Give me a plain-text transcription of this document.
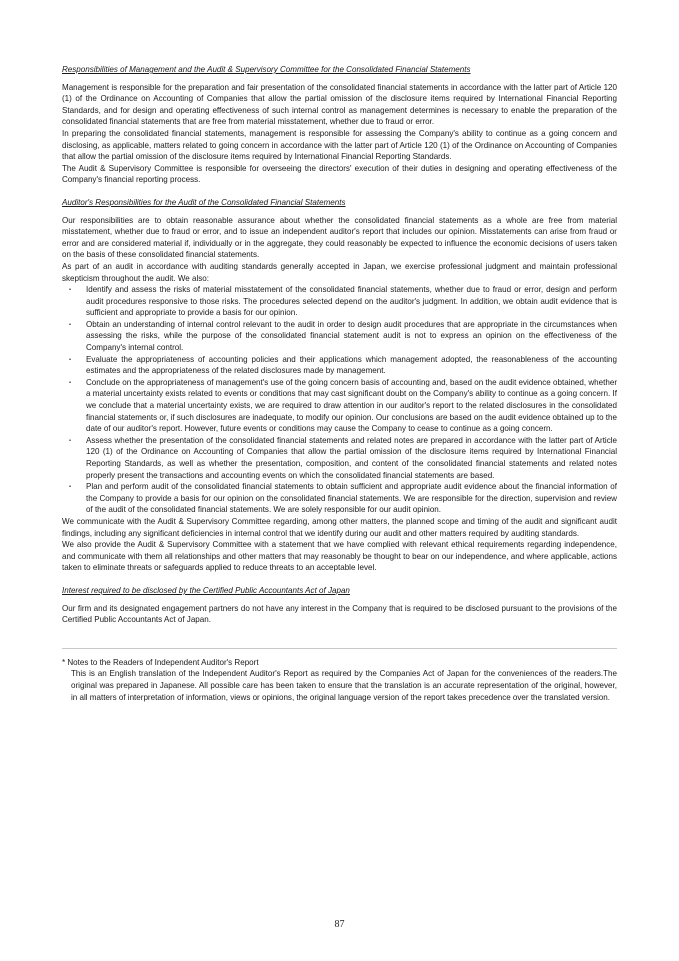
Responsibilities of Management and the Audit & Supervisory Committee for the Consolidated Financial Statements

Management is responsible for the preparation and fair presentation of the consolidated financial statements in accordance with the latter part of Article 120 (1) of the Ordinance on Accounting of Companies that allow the partial omission of the disclosure items required by International Financial Reporting Standards, and for design and operating effectiveness of such internal control as management determines is necessary to enable the preparation of the consolidated financial statements that are free from material misstatement, whether due to fraud or error.

In preparing the consolidated financial statements, management is responsible for assessing the Company's ability to continue as a going concern and disclosing, as applicable, matters related to going concern in accordance with the latter part of Article 120 (1) of the Ordinance on Accounting of Companies that allow the partial omission of the disclosure items required by International Financial Reporting Standards.

The Audit & Supervisory Committee is responsible for overseeing the directors' execution of their duties in designing and operating effectiveness of the Company's financial reporting process.

Auditor's Responsibilities for the Audit of the Consolidated Financial Statements

Our responsibilities are to obtain reasonable assurance about whether the consolidated financial statements as a whole are free from material misstatement, whether due to fraud or error, and to issue an independent auditor's report that includes our opinion. Misstatements can arise from fraud or error and are considered material if, individually or in the aggregate, they could reasonably be expected to influence the economic decisions of users taken on the basis of these consolidated financial statements.

As part of an audit in accordance with auditing standards generally accepted in Japan, we exercise professional judgment and maintain professional skepticism throughout the audit. We also:

・ Identify and assess the risks of material misstatement of the consolidated financial statements, whether due to fraud or error, design and perform audit procedures responsive to those risks. The procedures selected depend on the auditor's judgment. In addition, we obtain audit evidence that is sufficient and appropriate to provide a basis for our opinion.
・ Obtain an understanding of internal control relevant to the audit in order to design audit procedures that are appropriate in the circumstances when assessing the risks, while the purpose of the consolidated financial statement audit is not to express an opinion on the effectiveness of the Company's internal control.
・ Evaluate the appropriateness of accounting policies and their applications which management adopted, the reasonableness of the accounting estimates and the appropriateness of the related disclosures made by management.
・ Conclude on the appropriateness of management's use of the going concern basis of accounting and, based on the audit evidence obtained, whether a material uncertainty exists related to events or conditions that may cast significant doubt on the Company's ability to continue as a going concern. If we conclude that a material uncertainty exists, we are required to draw attention in our auditor's report to the related disclosures in the consolidated financial statements or, if such disclosures are inadequate, to modify our opinion. Our conclusions are based on the audit evidence obtained up to the date of our auditor's report. However, future events or conditions may cause the Company to cease to continue as a going concern.
・ Assess whether the presentation of the consolidated financial statements and related notes are prepared in accordance with the latter part of Article 120 (1) of the Ordinance on Accounting of Companies that allow the partial omission of the disclosure items required by International Financial Reporting Standards, as well as whether the presentation, composition, and content of the consolidated financial statements and related notes properly present the transactions and accounting events on which the consolidated financial statements are based.
・ Plan and perform audit of the consolidated financial statements to obtain sufficient and appropriate audit evidence about the financial information of the Company to provide a basis for our opinion on the consolidated financial statements. We are responsible for the direction, supervision and review of the audit of the consolidated financial statements. We are solely responsible for our audit opinion.

We communicate with the Audit & Supervisory Committee regarding, among other matters, the planned scope and timing of the audit and significant audit findings, including any significant deficiencies in internal control that we identify during our audit and other matters required by auditing standards.

We also provide the Audit & Supervisory Committee with a statement that we have complied with relevant ethical requirements regarding independence, and communicate with them all relationships and other matters that may reasonably be thought to bear on our independence, and where applicable, actions taken to eliminate threats or safeguards applied to reduce threats to an acceptable level.

Interest required to be disclosed by the Certified Public Accountants Act of Japan

Our firm and its designated engagement partners do not have any interest in the Company that is required to be disclosed pursuant to the provisions of the Certified Public Accountants Act of Japan.

* Notes to the Readers of Independent Auditor's Report

This is an English translation of the Independent Auditor's Report as required by the Companies Act of Japan for the conveniences of the readers.The original was prepared in Japanese. All possible care has been taken to ensure that the translation is an accurate representation of the original, however, in all matters of interpretation of information, views or opinions, the original language version of the report takes precedence over the translated version.

87
